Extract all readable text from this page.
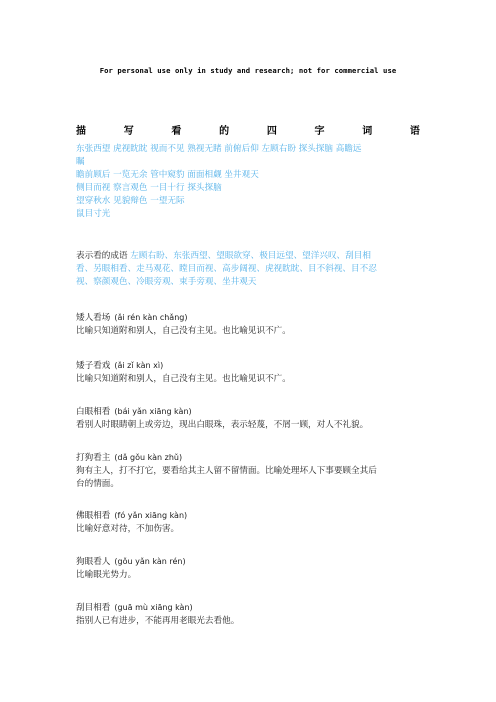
For personal use only in study and research; not for commercial use
描	写	看	的	四	字	词	语
东张西望 虎视眈眈 视而不见 熟视无睹 前俯后仰 左顾右盼 探头探脑 高瞻远
瞩
瞻前顾后 一览无余 管中窥豹 面面相觑 坐井观天
侧目而视 察言观色 一目十行 探头探脑
望穿秋水 见貌辩色 一望无际
鼠目寸光
表示看的成语 左顾右盼、东张西望、望眼欲穿、极目远望、望洋兴叹、刮目相
看、另眼相看、走马观花、瞠目而视、高步阔视、虎视眈眈、目不斜视、目不忍
视、察颜观色、冷眼旁观、束手旁观、坐井观天
矮人看场 (ǎi rén kàn chǎng)
比喻只知道附和别人，自己没有主见。也比喻见识不广。
矮子看戏 (ǎi zǐ kàn xì)
比喻只知道附和别人，自己没有主见。也比喻见识不广。
白眼相看 (bái yǎn xiāng kàn)
看别人时眼睛朝上或旁边，现出白眼珠，表示轻蔑，不屑一顾，对人不礼貌。
打狗看主 (dǎ gǒu kàn zhǔ)
狗有主人，打不打它，要看给其主人留不留情面。比喻处理坏人下事要顾全其后
台的情面。
佛眼相看 (fó yǎn xiāng kàn)
比喻好意对待，不加伤害。
狗眼看人 (gǒu yǎn kàn rén)
比喻眼光势力。
刮目相看 (guā mù xiāng kàn)
指别人已有进步，不能再用老眼光去看他。
